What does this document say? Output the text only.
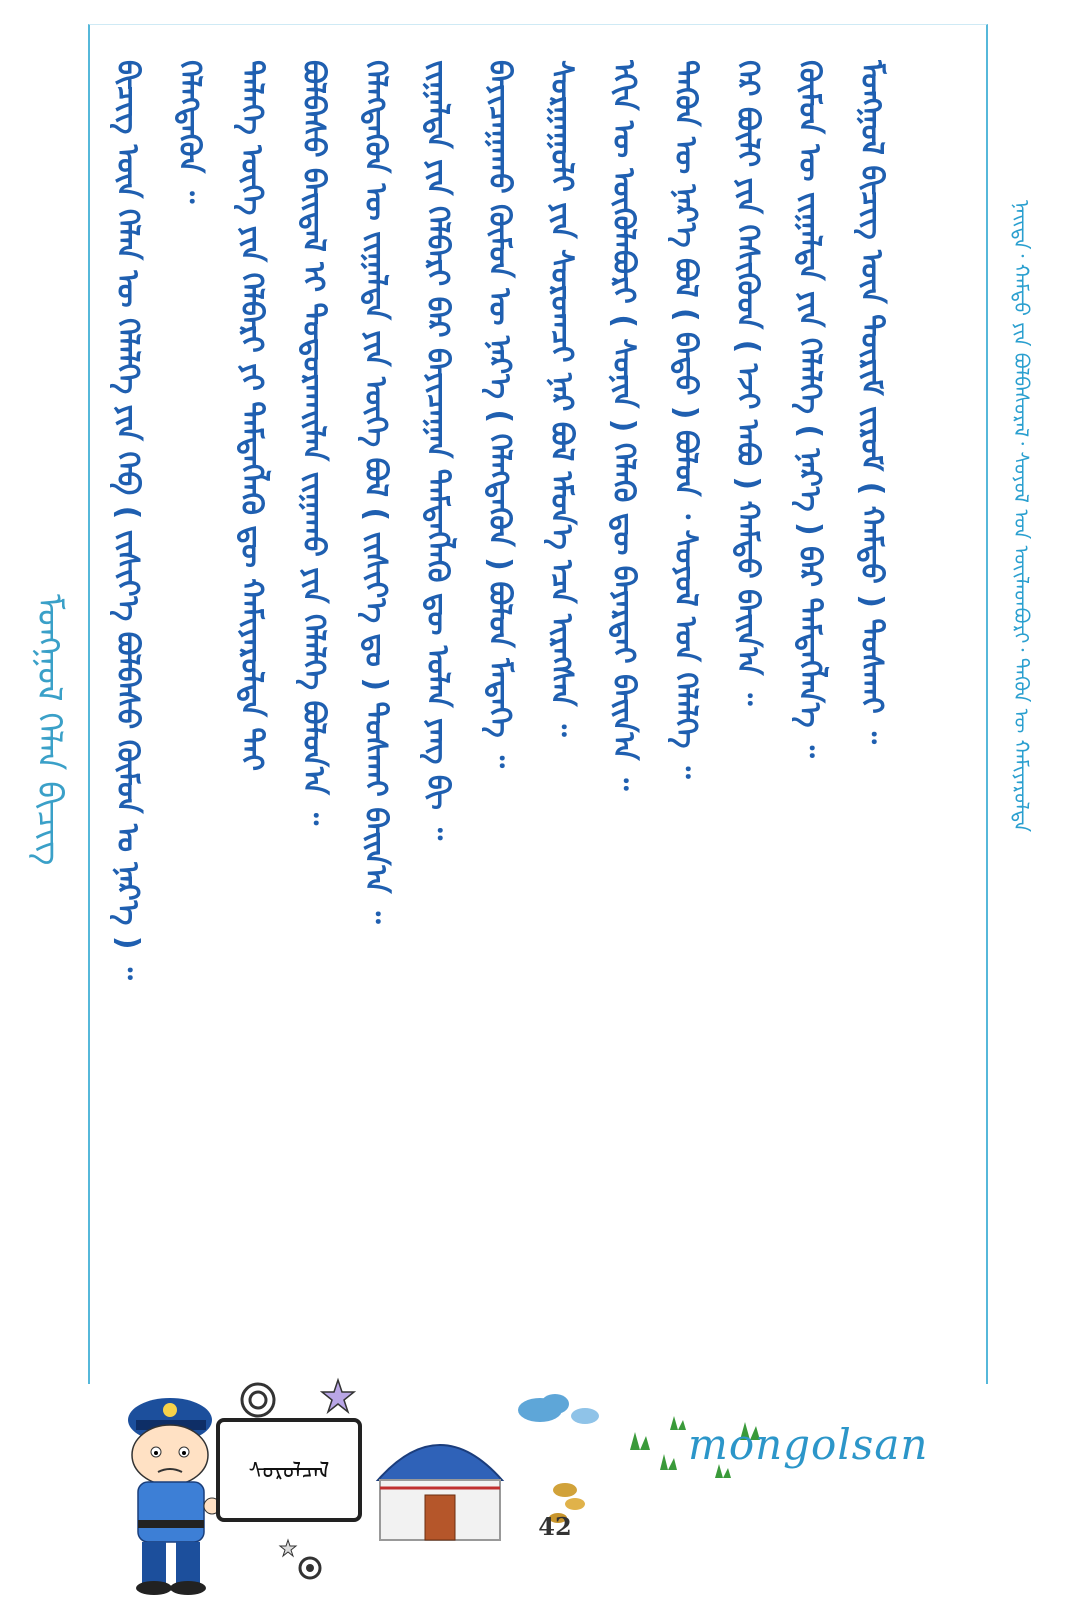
ᠮᠣᠩᠭᠣᠯ ᠬᠡᠯᠡᠨ ᠪᠢᠴᠢᠭ	ᠪᠢᠴᠢᠭ ᠦᠨ ᠬᠡᠯᠡᠨ ᠦ ᠬᠡᠯᠡᠯᠭᠡ ᠶᠢᠨ ᠬᠡᠪ ( ᠵᠢᠱᠢᠶ᠎ᠡ ᠪᠣᠯᠪᠠᠰᠤ ᠬᠦᠮᠦᠨ ᠤ ᠨᠡᠷ᠎ᠡ ) ᠃ ᠬᠡᠯᠡᠭᠳᠡᠬᠦᠨ ᠃ ᠲᠡᠯᠡᠭᠡ ᠦᠭᠡ ᠶᠢᠨ ᠬᠡᠯᠪᠡᠷᠢ ᠶᠢ ᠲᠡᠮᠳᠡᠭᠯᠡᠬᠦ ᠳᠦ ᠬᠠᠮᠢᠶᠠᠷᠤᠯᠲᠠ ᠲᠠᠢ ᠪᠣᠯᠪᠠᠰᠤ ᠪᠠᠢᠳᠠᠯ ᠢ ᠲᠣᠳᠤᠷᠬᠠᠢᠯᠠᠨ ᠵᠢᠭᠠᠬᠤ ᠶᠢᠨ ᠬᠡᠯᠡᠯᠭᠡ ᠪᠣᠯᠤᠨ᠎ᠠ ᠃ ᠬᠡᠯᠡᠭᠳᠡᠬᠦᠨ ᠦ ᠵᠢᠭᠠᠯᠲᠠ ᠶᠢᠨ ᠦᠭᠡ ᠪᠣᠯ ( ᠵᠢᠱᠢᠶ᠎ᠡ ᠳᠤ ) ᠲᠤᠰᠬᠠᠢ ᠪᠠᠢᠨ᠎ᠠ ᠃ ᠵᠢᠭᠠᠯᠲᠠ ᠶᠢᠨ ᠬᠡᠯᠪᠡᠷᠢ ᠪᠡᠷ ᠪᠠᠶᠢᠴᠠᠭᠠᠨ ᠲᠡᠮᠳᠡᠭᠯᠡᠬᠦ ᠳᠦ ᠣᠯᠠᠨ ᠶᠠᠩ ᠪᠢ ᠃ ᠪᠠᠶᠢᠴᠠᠭᠠᠬᠤ ᠬᠦᠮᠦᠨ ᠦ ᠨᠡᠷ᠎ᠡ ( ᠬᠡᠯᠡᠭᠳᠡᠬᠦᠨ ) ᠪᠣᠯᠤᠨ ᠮᠡᠳᠡᠭᠡ ᠃ ᠰᠤᠷᠭᠠᠭᠤᠯᠢ ᠶᠢᠨ ᠰᠤᠷᠤᠭᠴᠢ ᠨᠠᠷ ᠪᠣᠯ ᠡᠮᠦᠨ᠎ᠡ ᠡᠴᠡ ᠢᠷᠡᠭᠰᠡᠨ ᠃ ᠡᠬᠢᠨ ᠦ ᠦᠭᠦᠯᠡᠪᠦᠷᠢ ( ᠰᠣᠨᠢᠨ ) ᠬᠡᠯᠡᠬᠦ ᠳᠦ ᠪᠠᠶᠠᠷᠲᠠᠢ ᠪᠠᠢᠨ᠎ᠠ ᠃ ᠲᠡᠭᠦᠨ ᠦ ᠨᠡᠷ᠎ᠡ ᠪᠣᠯ ( ᠪᠠᠲᠤ ) ᠪᠣᠯᠤᠨ ᠂ ᠰᠣᠶᠣᠯ ᠤᠨ ᠬᠡᠯᠡᠯᠭᠡ ᠃ ᠭᠡᠷ ᠪᠦᠯᠢ ᠶᠢᠨ ᠭᠡᠰᠢᠭᠦᠳ ( ᠡᠵᠢ ᠠᠪᠤ ) ᠬᠠᠮᠲᠤ ᠪᠠᠢᠨ᠎ᠠ ᠃ ᠬᠦᠮᠦᠨ ᠦ ᠵᠢᠭᠠᠯᠲᠠ ᠶᠢᠨ ᠬᠡᠯᠡᠯᠭᠡ ( ᠨᠡᠷ᠎ᠡ ) ᠪᠠᠷ ᠲᠡᠮᠳᠡᠭᠯᠡᠨ᠎ᠡ ᠃ ᠮᠣᠩᠭᠣᠯ ᠪᠢᠴᠢᠭ ᠦᠨ ᠳᠦᠷᠢᠮ ᠵᠢᠷᠤᠮ ( ᠬᠠᠮᠲᠤ ) ᠲᠤᠰᠬᠠᠢ ᠃	ᠨᠡᠢᠲᠡ᠂ ᠬᠠᠮᠲᠤ ᠶᠢᠨ ᠪᠣᠯᠪᠠᠰᠤᠷᠠᠯ᠂ ᠰᠣᠶᠣᠯ ᠤᠨ ᠦᠢᠯᠡᠳᠪᠦᠷᠢ᠂ ᠲᠡᠭᠦᠨ ᠦ ᠬᠠᠮᠢᠶᠠᠷᠤᠯᠲᠠ
ᠰᠤᠷᠤᠯᠴᠠᠯ
mongolsan
42
